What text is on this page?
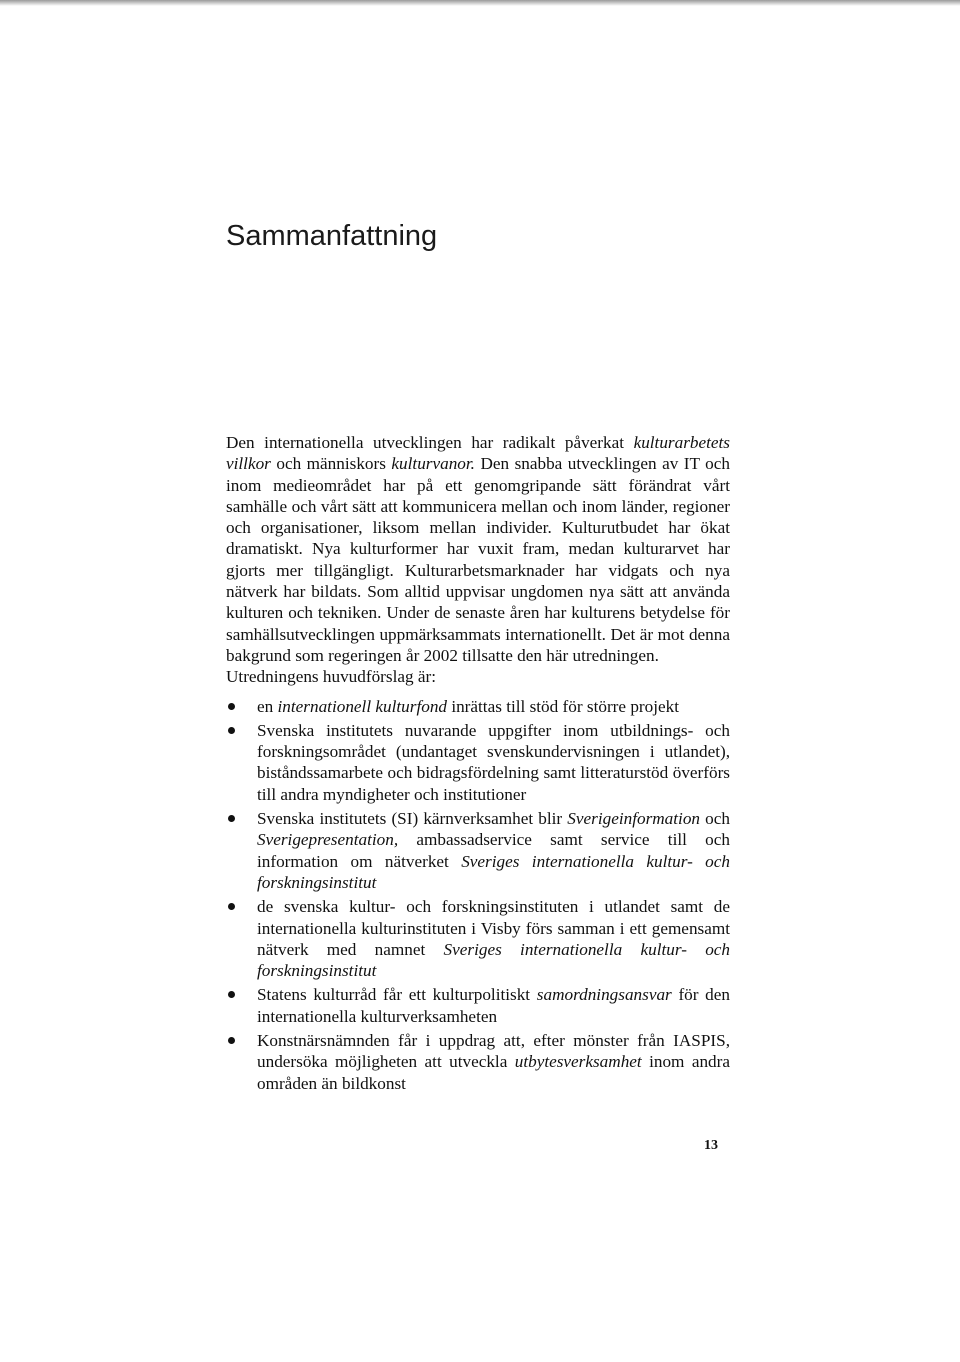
Sammanfattning

Den internationella utvecklingen har radikalt påverkat kulturarbetets villkor och människors kulturvanor. Den snabba utvecklingen av IT och inom medieområdet har på ett genomgripande sätt förändrat vårt samhälle och vårt sätt att kommunicera mellan och inom länder, regioner och organisationer, liksom mellan individer. Kulturutbudet har ökat dramatiskt. Nya kulturformer har vuxit fram, medan kulturarvet har gjorts mer tillgängligt. Kulturarbetsmarknader har vidgats och nya nätverk har bildats. Som alltid uppvisar ungdomen nya sätt att använda kulturen och tekniken. Under de senaste åren har kulturens betydelse för samhällsutvecklingen uppmärksammats internationellt. Det är mot denna bakgrund som regeringen år 2002 tillsatte den här utredningen.

Utredningens huvudförslag är:

en internationell kulturfond inrättas till stöd för större projekt
Svenska institutets nuvarande uppgifter inom utbildnings- och forskningsområdet (undantaget svenskundervisningen i utlandet), biståndssamarbete och bidragsfördelning samt litteraturstöd överförs till andra myndigheter och institutioner
Svenska institutets (SI) kärnverksamhet blir Sverigeinformation och Sverigepresentation, ambassadservice samt service till och information om nätverket Sveriges internationella kultur- och forskningsinstitut
de svenska kultur- och forskningsinstituten i utlandet samt de internationella kulturinstituten i Visby förs samman i ett gemensamt nätverk med namnet Sveriges internationella kultur- och forskningsinstitut
Statens kulturråd får ett kulturpolitiskt samordningsansvar för den internationella kulturverksamheten
Konstnärsnämnden får i uppdrag att, efter mönster från IASPIS, undersöka möjligheten att utveckla utbytesverksamhet inom andra områden än bildkonst
13
